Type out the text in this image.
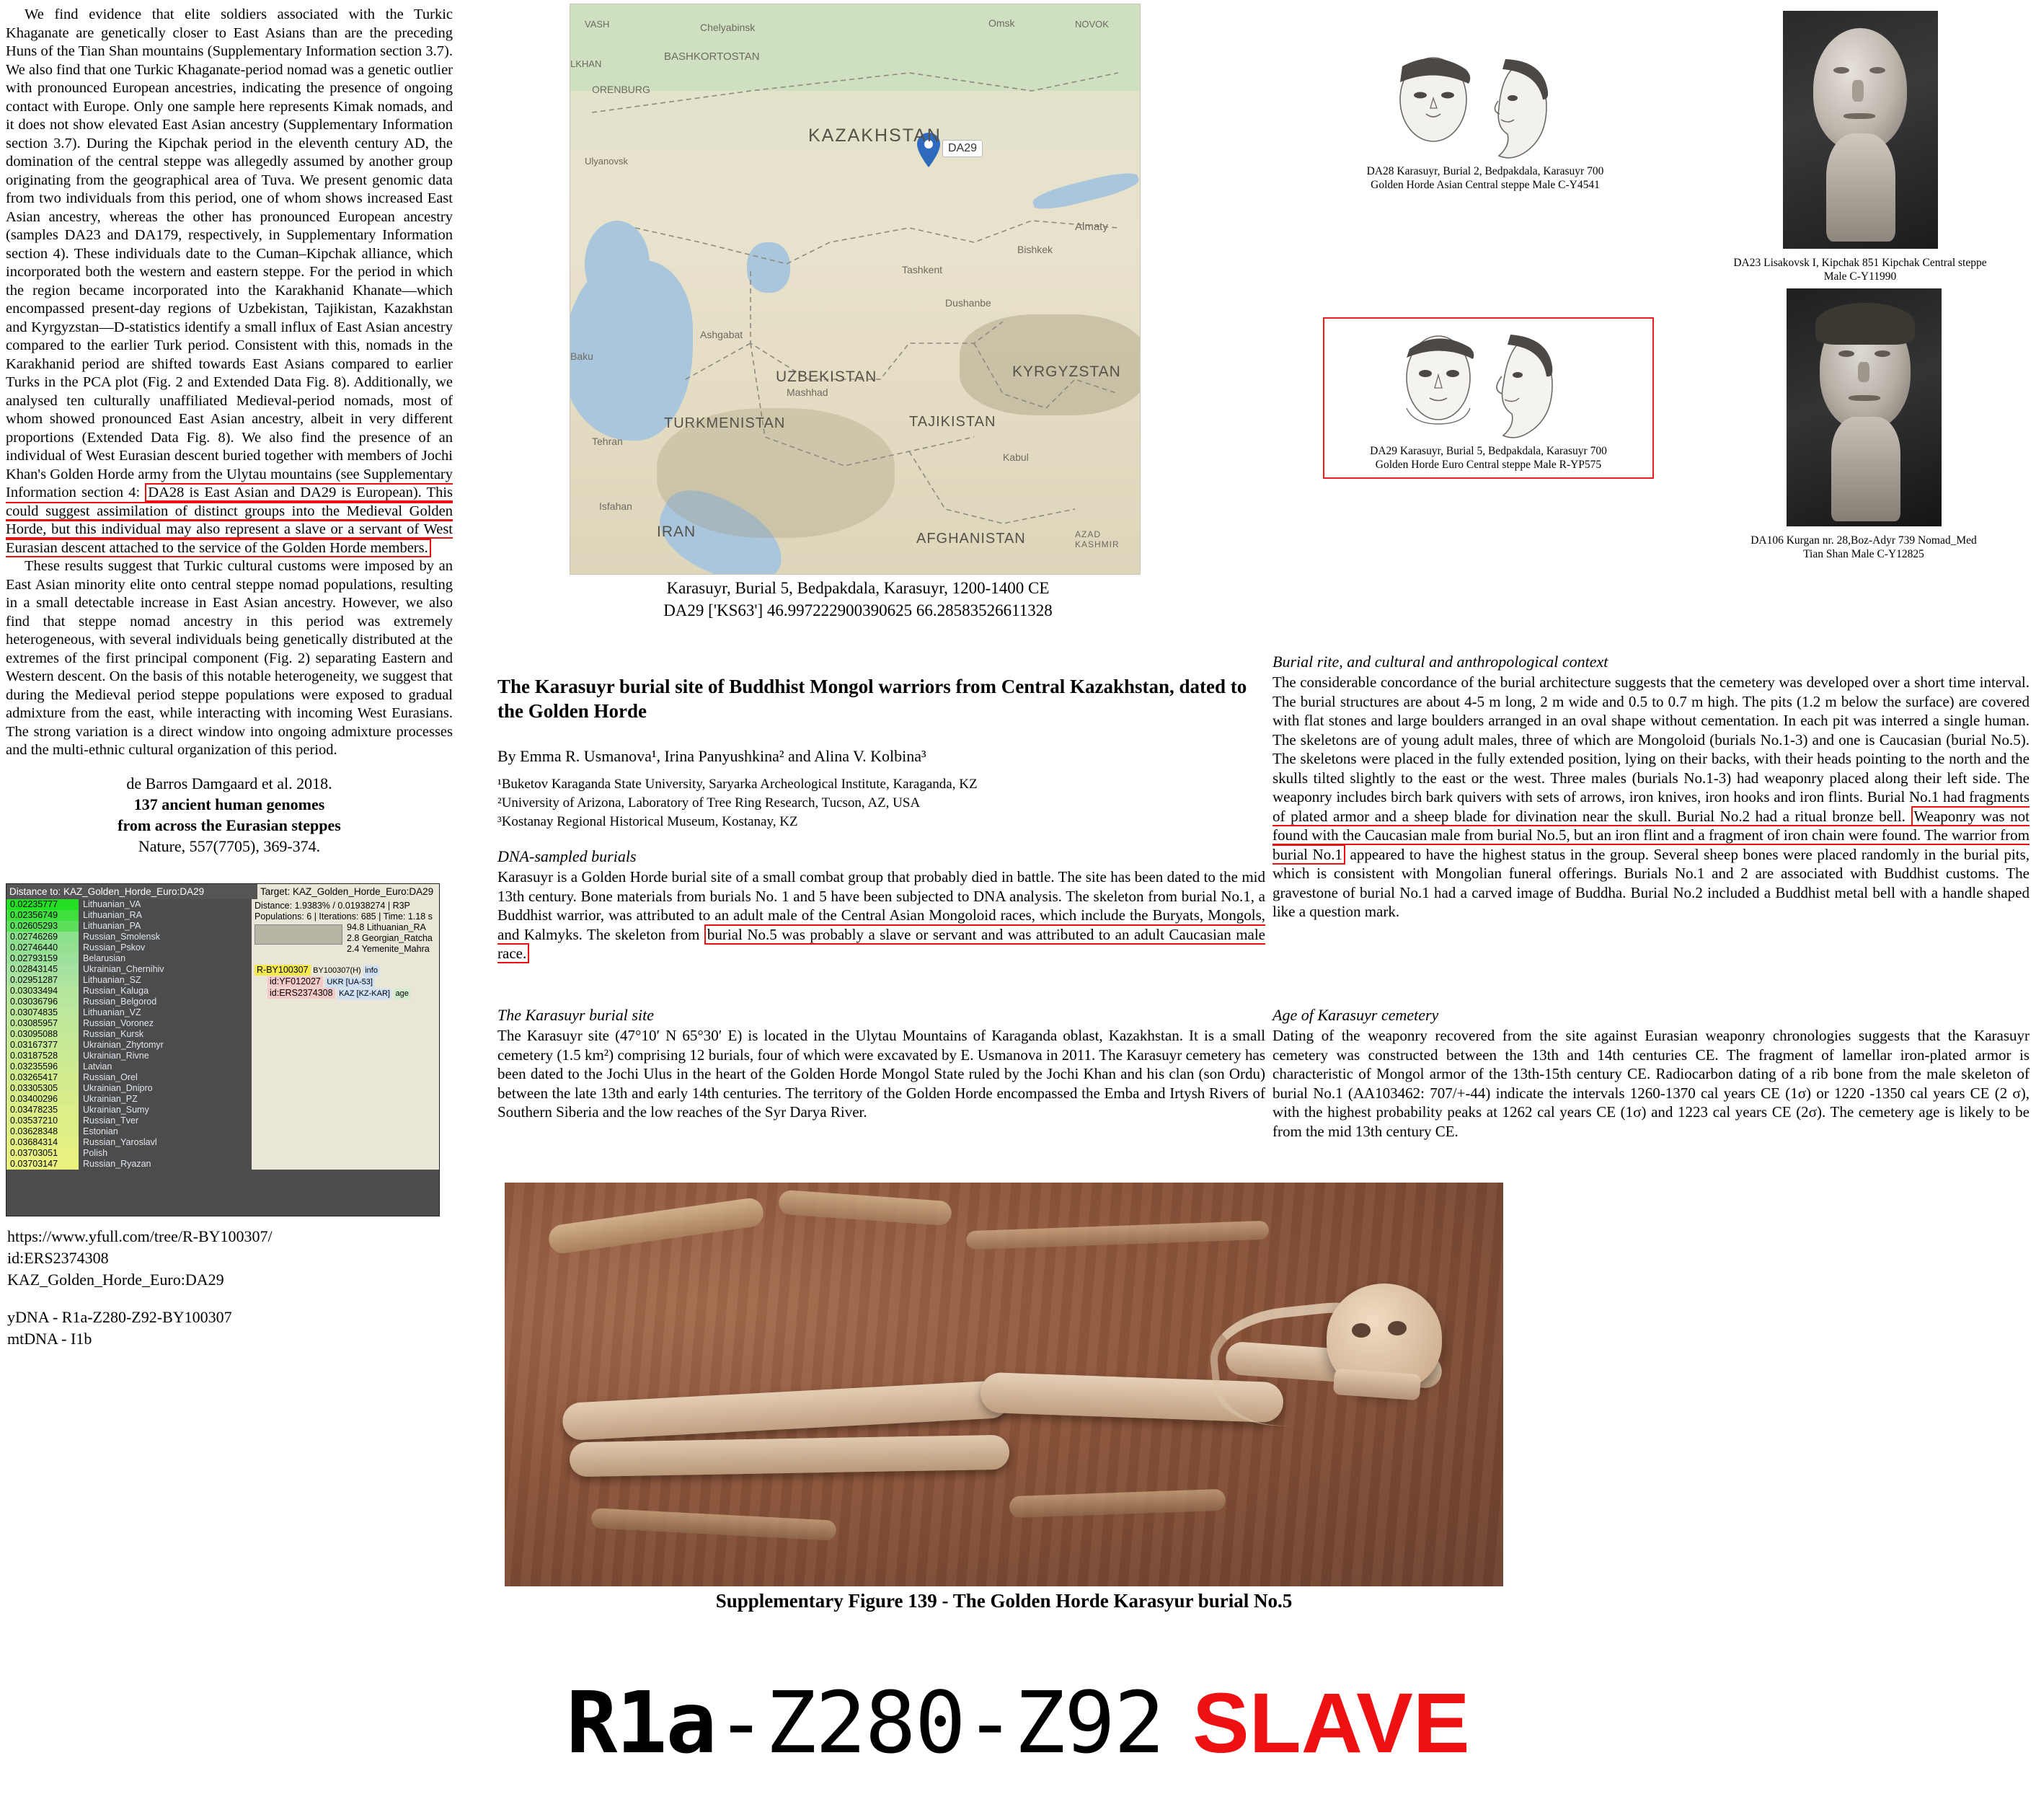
We find evidence that elite soldiers associated with the Turkic Khaganate are genetically closer to East Asians than are the preceding Huns of the Tian Shan mountains (Supplementary Information section 3.7). We also find that one Turkic Khaganate-period nomad was a genetic outlier with pronounced European ancestries, indicating the presence of ongoing contact with Europe. Only one sample here represents Kimak nomads, and it does not show elevated East Asian ancestry (Supplementary Information section 3.7). During the Kipchak period in the eleventh century AD, the domination of the central steppe was allegedly assumed by another group originating from the geographical area of Tuva. We present genomic data from two individuals from this period, one of whom shows increased East Asian ancestry, whereas the other has pronounced European ancestry (samples DA23 and DA179, respectively, in Supplementary Information section 4). These individuals date to the Cuman–Kipchak alliance, which incorporated both the western and eastern steppe. For the period in which the region became incorporated into the Karakhanid Khanate—which encompassed present-day regions of Uzbekistan, Tajikistan, Kazakhstan and Kyrgyzstan—D-statistics identify a small influx of East Asian ancestry compared to the earlier Turk period. Consistent with this, nomads in the Karakhanid period are shifted towards East Asians compared to earlier Turks in the PCA plot (Fig. 2 and Extended Data Fig. 8). Additionally, we analysed ten culturally unaffiliated Medieval-period nomads, most of whom showed pronounced East Asian ancestry, albeit in very different proportions (Extended Data Fig. 8). We also find the presence of an individual of West Eurasian descent buried together with members of Jochi Khan's Golden Horde army from the Ulytau mountains (see Supplementary Information section 4: DA28 is East Asian and DA29 is European). This could suggest assimilation of distinct groups into the Medieval Golden Horde, but this individual may also represent a slave or a servant of West Eurasian descent attached to the service of the Golden Horde members.

These results suggest that Turkic cultural customs were imposed by an East Asian minority elite onto central steppe nomad populations, resulting in a small detectable increase in East Asian ancestry. However, we also find that steppe nomad ancestry in this period was extremely heterogeneous, with several individuals being genetically distributed at the extremes of the first principal component (Fig. 2) separating Eastern and Western descent. On the basis of this notable heterogeneity, we suggest that during the Medieval period steppe populations were exposed to gradual admixture from the east, while interacting with incoming West Eurasians. The strong variation is a direct window into ongoing admixture processes and the multi-ethnic cultural organization of this period.

de Barros Damgaard et al. 2018.
137 ancient human genomes
from across the Eurasian steppes
Nature, 557(7705), 369-374.
Distance to: KAZ_Golden_Horde_Euro:DA29	Target: KAZ_Golden_Horde_Euro:DA29
0.02235777	Lithuanian_VA
0.02356749	Lithuanian_RA
0.02605293	Lithuanian_PA
0.02746269	Russian_Smolensk
0.02746440	Russian_Pskov
0.02793159	Belarusian
0.02843145	Ukrainian_Chernihiv
0.02951287	Lithuanian_SZ
0.03033494	Russian_Kaluga
0.03036796	Russian_Belgorod
0.03074835	Lithuanian_VZ
0.03085957	Russian_Voronez
0.03095088	Russian_Kursk
0.03167377	Ukrainian_Zhytomyr
0.03187528	Ukrainian_Rivne
0.03235596	Latvian
0.03265417	Russian_Orel
0.03305305	Ukrainian_Dnipro
0.03400296	Ukrainian_PZ
0.03478235	Ukrainian_Sumy
0.03537210	Russian_Tver
0.03628348	Estonian
0.03684314	Russian_Yaroslavl
0.03703051	Polish
0.03703147	Russian_Ryazan
Distance: 1.9383% / 0.01938274 | R3P
Populations: 6 | Iterations: 685 | Time: 1.18 s
94.8 Lithuanian_RA
2.8 Georgian_Ratcha
2.4 Yemenite_Mahra
R-BY100307 BY100307(H) info
id:YF012027 UKR [UA-53]
id:ERS2374308 KAZ [KZ-KAR] age
https://www.yfull.com/tree/R-BY100307/
id:ERS2374308
KAZ_Golden_Horde_Euro:DA29
yDNA - R1a-Z280-Z92-BY100307
mtDNA - I1b
DA29
KAZAKHSTAN
UZBEKISTAN	KYRGYZSTAN
TURKMENISTAN	TAJIKISTAN
IRAN	AFGHANISTAN	AZAD KASHMIR
BASHKORTOSTAN
ORENBURG
VASH	NOVOK
LKHAN
Ulyanovsk
Omsk
Chelyabinsk
Almaty
Bishkek
Tashkent
Ashgabat
Dushanbe
Mashhad
Tehran
Kabul
Isfahan
Baku
Karasuyr, Burial 5, Bedpakdala, Karasuyr, 1200-1400 CE
DA29 ['KS63'] 46.997222900390625 66.28583526611328
DA28 Karasuyr, Burial 2, Bedpakdala, Karasuyr 700
Golden Horde Asian Central steppe Male C-Y4541
DA23 Lisakovsk I, Kipchak 851 Kipchak Central steppe
Male C-Y11990
DA29 Karasuyr, Burial 5, Bedpakdala, Karasuyr 700
Golden Horde Euro Central steppe Male R-YP575
DA106 Kurgan nr. 28,Boz-Adyr 739 Nomad_Med
Tian Shan Male C-Y12825
The Karasuyr burial site of Buddhist Mongol warriors from Central Kazakhstan, dated to the Golden Horde
By Emma R. Usmanova¹, Irina Panyushkina² and Alina V. Kolbina³
¹Buketov Karaganda State University, Saryarka Archeological Institute, Karaganda, KZ
²University of Arizona, Laboratory of Tree Ring Research, Tucson, AZ, USA
³Kostanay Regional Historical Museum, Kostanay, KZ
DNA-sampled burials

Karasuyr is a Golden Horde burial site of a small combat group that probably died in battle. The site has been dated to the mid 13th century. Bone materials from burials No. 1 and 5 have been subjected to DNA analysis. The skeleton from burial No.1, a Buddhist warrior, was attributed to an adult male of the Central Asian Mongoloid races, which include the Buryats, Mongols, and Kalmyks. The skeleton from burial No.5 was probably a slave or servant and was attributed to an adult Caucasian male race.

The Karasuyr burial site

The Karasuyr site (47°10′ N 65°30′ E) is located in the Ulytau Mountains of Karaganda oblast, Kazakhstan. It is a small cemetery (1.5 km²) comprising 12 burials, four of which were excavated by E. Usmanova in 2011. The Karasuyr cemetery has been dated to the Jochi Ulus in the heart of the Golden Horde Mongol State ruled by the Jochi Khan and his clan (son Ordu) between the late 13th and early 14th centuries. The territory of the Golden Horde encompassed the Emba and Irtysh Rivers of Southern Siberia and the low reaches of the Syr Darya River.

Burial rite, and cultural and anthropological context

The considerable concordance of the burial architecture suggests that the cemetery was developed over a short time interval. The burial structures are about 4-5 m long, 2 m wide and 0.5 to 0.7 m high. The pits (1.2 m below the surface) are covered with flat stones and large boulders arranged in an oval shape without cementation. In each pit was interred a single human. The skeletons are of young adult males, three of which are Mongoloid (burials No.1-3) and one is Caucasian (burial No.5). The skeletons were placed in the fully extended position, lying on their backs, with their heads pointing to the north and the skulls tilted slightly to the east or the west. Three males (burials No.1-3) had weaponry placed along their left side. The weaponry includes birch bark quivers with sets of arrows, iron knives, iron hooks and iron flints. Burial No.1 had fragments of plated armor and a sheep blade for divination near the skull. Burial No.2 had a ritual bronze bell. Weaponry was not found with the Caucasian male from burial No.5, but an iron flint and a fragment of iron chain were found. The warrior from burial No.1 appeared to have the highest status in the group. Several sheep bones were placed randomly in the burial pits, which is consistent with Mongolian funeral offerings. Burials No.1 and 2 are associated with Buddhist customs. The gravestone of burial No.1 had a carved image of Buddha. Burial No.2 included a Buddhist metal bell with a handle shaped like a question mark.

Age of Karasuyr cemetery

Dating of the weaponry recovered from the site against Eurasian weaponry chronologies suggests that the Karasuyr cemetery was constructed between the 13th and 14th centuries CE. The fragment of lamellar iron-plated armor is characteristic of Mongol armor of the 13th-15th century CE. Radiocarbon dating of a rib bone from the male skeleton of burial No.1 (AA103462: 707/+-44) indicate the intervals 1260-1370 cal years CE (1σ) or 1220 -1350 cal years CE (2 σ), with the highest probability peaks at 1262 cal years CE (1σ) and 1223 cal years CE (2σ). The cemetery age is likely to be from the mid 13th century CE.

Supplementary Figure 139 - The Golden Horde Karasyur burial No.5
R1a-Z280-Z92 SLAVE
